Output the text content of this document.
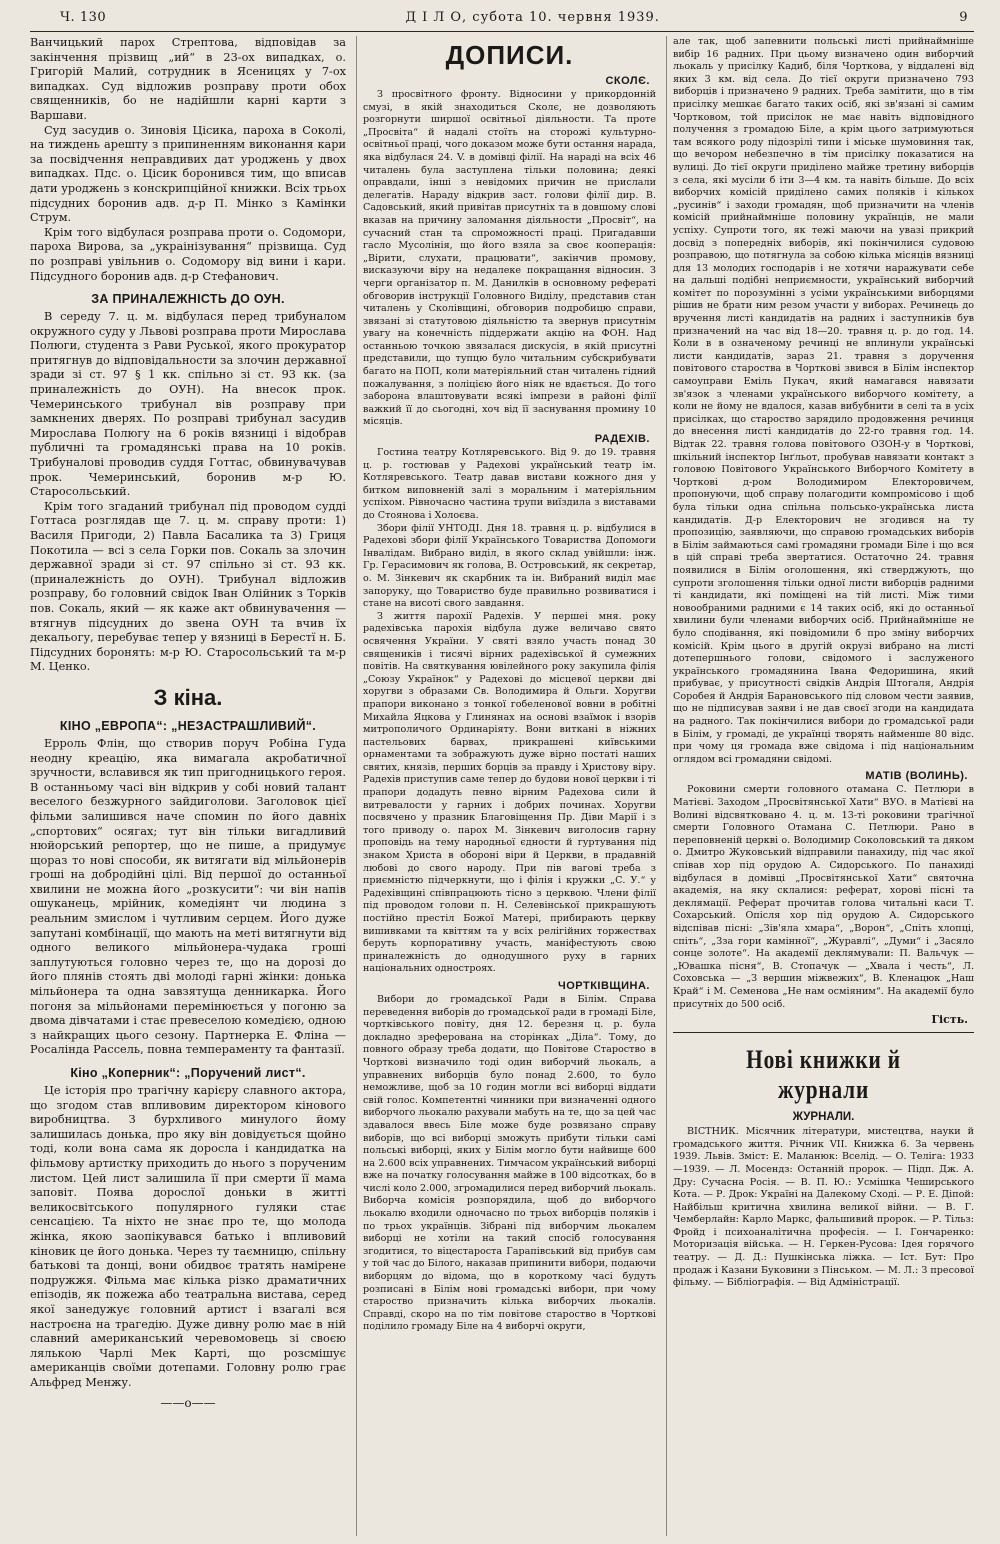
Ч. 130	Д І Л О, субота 10. червня 1939.	9

Ванчицький парох Стрептова, відповідав за закінчення прізвищ „ий“ в 23-ох випадках, о. Григорій Малий, сотрудник в Ясеницях у 7-ох випадках. Суд відложив розправу проти обох священників, бо не надійшли карні карти з Варшави.

Суд засудив о. Зиновія Цісика, пароха в Соколі, на тиждень арешту з припиненням виконання кари за посвідчення неправдивих дат уроджень у двох випадках. Пдс. о. Цісик боронився тим, що вписав дати уроджень з конскрипційної книжки. Всіх трьох підсудних боронив адв. д-р П. Мінко з Камінки Струм.

Крім того відбулася розправа проти о. Содомори, пароха Вирова, за „украінізування“ прізвища. Суд по розправі увільнив о. Содомору від вини і кари. Підсудного боронив адв. д-р Стефанович.

ЗА ПРИНАЛЕЖНІСТЬ ДО ОУН.

В середу 7. ц. м. відбулася перед трибуналом окружного суду у Львові розправа проти Мирослава Полюги, студента з Рави Руської, якого прокуратор притягнув до відповідальности за злочин державної зради зі ст. 97 § 1 кк. спільно зі ст. 93 кк. (за приналежність до ОУН). На внесок прок. Чемеринського трибунал вів розправу при замкнених дверях. По розправі трибунал засудив Мирослава Полюгу на 6 років вязниці і відобрав публичні та громадянські права на 10 років. Трибуналові проводив суддя Готтас, обвинувачував прок. Чемеринський, боронив м-р Ю. Старосольський.

Крім того згаданий трибунал під проводом судді Готтаса розглядав ще 7. ц. м. справу проти: 1) Василя Пригоди, 2) Павла Басалика та 3) Гриця Покотила — всі з села Горки пов. Сокаль за злочин державної зради зі ст. 97 спільно зі ст. 93 кк. (приналежність до ОУН). Трибунал відложив розправу, бо головний свідок Іван Олійник з Торків пов. Сокаль, який — як каже акт обвинувачення — втягнув підсудних до звена ОУН та вчив їх декальогу, перебуває тепер у вязниці в Берестї н. Б. Підсудних боронять: м-р Ю. Старосольський та м-р М. Ценко.

З кіна.
КІНО „ЕВРОПА“: „НЕЗАСТРАШЛИВИЙ“.

Ерроль Флін, що створив поруч Робіна Гуда неодну креацію, яка вимагала акробатичної зручности, вславився як тип пригодницького героя. В останньому часі він відкрив у собі новий талант веселого безжурного зайдиголови. Заголовок цієї фільми залишився наче спомин по його давніх „спортових“ осягах; тут він тільки вигадливий нюйорський репортер, що не пише, а придумує щораз то нові способи, як витягати від мільйонерів гроші на добродійні цілі. Від першої до останньої хвилини не можна його „розкусити“: чи він напів ошуканець, мрійник, комедіянт чи людина з реальним змислом і чутливим серцем. Його дуже запутані комбінації, що мають на меті витягнути від одного великого мільйонера-чудака гроші заплутуються головно через те, що на дорозі до його плянів стоять дві молоді гарні жінки: донька мільйонера та одна завзятуща денникарка. Його погоня за мільйонами перемінюється у погоню за двома дівчатами і стає превеселою комедією, одною з найкращих цього сезону. Партнерка Е. Фліна — Росалінда Рассель, повна темпераменту та фантазії.

Кіно „Коперник“: „Поручений лист“.

Це історія про трагічну карієру славного актора, що згодом став впливовим директором кінового виробництва. З бурхливого минулого йому залишилась донька, про яку він довідується щойно тоді, коли вона сама як доросла і кандидатка на фільмову артистку приходить до нього з порученим листом. Цей лист залишила її при смерти її мама заповіт. Поява дорослої доньки в житті великосвітського популярного гуляки стає сенсацією. Та ніхто не знає про те, що молода жінка, якою заопікувався батько і впливовий кіновик це його донька. Через ту таємницю, спільну батькові та донці, вони обидвоє тратять намірене подружжя. Фільма має кілька різко драматичних епізодів, як пожежа або театральна вистава, серед якої занедужує головний артист і взагалі вся настроєна на трагедію. Дуже дивну ролю має в ній славний американський черевомовець зі своєю лялькою Чарлі Мек Карті, що розсмішує американців своїми дотепами. Головну ролю грає Альфред Менжу.

——о——
ДОПИСИ.
СКОЛЄ.

З просвітного фронту. Відносини у прикордонній смузі, в якій знаходиться Сколє, не дозволяють розгорнути ширшої освітньої діяльности. Та проте „Просвіта“ й надалі стоїть на сторожі культурно-освітньої праці, чого доказом може бути остання нарада, яка відбулася 24. V. в домівці філії. На нараді на всіх 46 читалень була заступлена тільки половина; деякі оправдали, інші з невідомих причин не прислали делегатів. Нараду відкрив заст. голови філії дир. В. Садовський, який привітав присутніх та в довшому слові вказав на причину заломання діяльности „Просвіт“, на сучасний стан та спроможності праці. Пригадавши гасло Мусолінія, що його взяла за своє кооперація: „Вірити, слухати, працювати“, закінчив промову, висказуючи віру на недалеке покращання відносин. З черги організатор п. М. Данилків в основному рефераті обговорив інструкції Головного Виділу, представив стан читалень у Сколівщині, обговорив подробицю справи, звязані зі статутовою діяльністю та звернув присутнім увагу на конечність піддержати акцію на ФОН. Над останньою точкою звязалася дискусія, в якій присутні представили, що тупцю було читальним субскрибувати багато на ПОП, коли матеріяльний стан читалень гідний пожалування, з поліцією його ніяк не вдається. До того заборона влаштовувати всякі імпрези в районі філії важкий її до сьогодні, хоч від її заснування промину 10 місяців.

РАДЕХІВ.

Гостина театру Котляревського. Від 9. до 19. травня ц. р. гостював у Радехові український театр ім. Котляревського. Театр давав вистави кожного дня у битком виповненій залі з моральним і матеріяльним успіхом. Рівночасно частина трупи виїздила з виставами до Стоянова і Холоєва.

Збори філії УНТОДІ. Дня 18. травня ц. р. відбулися в Радехові збори філії Українського Товариства Допомоги Інвалідам. Вибрано виділ, в якого склад увійшли: інж. Гр. Герасимович як голова, В. Островський, як секретар, о. М. Зінкевич як скарбник та ін. Вибраний виділ має запоруку, що Товариство буде правильно розвиватися і стане на висоті свого завдання.

З життя парохії Радехів. У першеі мня. року радехівська парохія відбула дуже величаво свято освячення України. У святі взяло участь понад 30 священиків і тисячі вірних радехівської й сумежних повітів. На святкування ювілейного року закупила філія „Союзу Українок“ у Радехові до місцевої церкви дві хоругви з образами Св. Володимира й Ольги. Хоругви прапори виконано з тонкої гобеленової вовни в робітні Михайла Яцкова у Глинянах на основі взаїмок і взорів митрополичого Ординаріяту. Вони виткані в ніжних пастельових барвах, прикрашені київськими орнаментами та зображують дуже вірно постаті наших святих, князів, перших борців за правду і Христову віру. Радехів приступив саме тепер до будови нової церкви і ті прапори додадуть певно вірним Радехова сили й витревалости у гарних і добрих починах. Хоругви посвячено у празник Благовіщення Пр. Діви Марії і з того приводу о. парох М. Зінкевич виголосив гарну проповідь на тему народньої єдности й гуртування під знаком Христа в обороні віри й Церкви, в прадавній любові до свого народу. При пів вагові треба з приємністю підчеркнути, що і філія і кружки „С. У.“ у Радехівщині співпрацюють тісно з церквою. Члени філії під проводом голови п. Н. Селевінської прикрашують постійно престіл Божої Матері, прибирають церкву вишивками та квіттям та у всіх релігійних торжествах беруть корпоративну участь, маніфестують свою приналежність до однодушного руху в гарних національних одностроях.

ЧОРТКІВЩИНА.

Вибори до громадської Ради в Білім. Справа переведення виборів до громадської ради в громаді Біле, чортківського повіту, дня 12. березня ц. р. була докладно зреферована на сторінках „Діла“. Тому, до повного образу треба додати, що Повітове Староство в Чорткові визначило тоді один виборчий льокаль, а управнених виборців було понад 2.600, то було неможливе, щоб за 10 годин могли всі виборці віддати свій голос. Компетентні чинники при визначенні одного виборчого льокалю рахували мабуть на те, що за цей час здавалося ввесь Біле може буде розвязано справу виборів, що всі виборці зможуть прибути тільки самі польські виборці, яких у Білім могло бути найвище 600 на 2.600 всіх управнених. Тимчасом український виборці вже на початку голосування майже в 100 відсотках, бо в числі коло 2.000, згромадилися перед виборчий льокаль. Виборча комісія розпорядила, щоб до виборчого льокалю входили одночасно по трьох виборців поляків і по трьох українців. Зібрані під виборчим льокалем виборці не хотіли на такий спосіб голосування згодитися, то віцестароста Гарапівський від прибув сам у той час до Білого, наказав припинити вибори, подаючи виборцям до відома, що в короткому часі будуть розписані в Білім нові громадські вибори, при чому староство призначить кілька виборчих льокалів. Справді, скоро на по тім повітове староство в Чорткові поділило громаду Біле на 4 виборчі округи,

але так, щоб запевнити польські листі прийнаймніше вибір 16 радних. При цьому визначено один виборчий льокаль у присілку Кадиб, біля Чорткова, у віддалені від яких 3 км. від села. До тієї округи призначено 793 виборців і призначено 9 радних. Треба замітити, що в тім присілку мешкає багато таких осіб, які зв'язані зі самим Чортковом, той присілок не має навіть відповідного получення з громадою Біле, а крім цього затримуються там всякого роду підозрілі типи і міське шумовиння так, що вечором небезпечно в тім присілку показатися на вулиці. До тієї округи приділено майже третину виборців з села, які мусіли б іти 3—4 км. та навіть більше. До всіх виборчих комісій приділено самих поляків і кількох „русинів“ і заходи громадян, щоб призначити на членів комісій прийнаймніше половину українців, не мали успіху. Супроти того, як тежі маючи на увазі прикрий досвід з попередніх виборів, які покінчилися судовою розправою, що потягнула за собою кілька місяців вязниці для 13 молодих господарів і не хотячи наражувати себе на дальші подібні неприємности, український виборчий комітет по порозумінні з усіми українськими виборцями рішив не брати ним резом участи у виборах. Речинець до вручення листі кандидатів на радних і заступників був призначений на час від 18—20. травня ц. р. до год. 14. Коли в в означеному речинці не вплинули українські листи кандидатів, зараз 21. травня з доручення повітового староства в Чорткові звився в Білім інспектор самоуправи Еміль Пукач, який намагався навязати зв'язок з членами українського виборчого комітету, а коли не йому не вдалося, казав вибубнити в селі та в усіх присілках, що староство зарядило продовження речинця до внесення листі кандидатів до 22-го травня год. 14. Відтак 22. травня голова повітового ОЗОН-у в Чорткові, шкільний інспектор Інґльот, пробував навязати контакт з головою Повітового Українського Виборчого Комітету в Чорткові д-ром Володимиром Електоровичем, пропонуючи, щоб справу полагодити компромісово і щоб була тільки одна спільна польсько-українська листа кандидатів. Д-р Електорович не згодився на ту пропозицію, заявляючи, що справою громадських виборів в Білім займаються самі громадяни громади Біле і що вся в цій справі треба звертатися. Остаточно 24. травня появилися в Білім оголошення, які стверджують, що супроти зголошення тільки одної листи виборців радними ті кандидати, які поміщені на тій листі. Між тими новообраними радними є 14 таких осіб, які до останньої хвилини були членами виборчих осіб. Прийнаймніше не було сподівання, які повідомили б про зміну виборчих комісій. Крім цього в другій окрузі вибрано на листі дотепершнього голови, свідомого і заслуженого українського громадянина Івана Федоришина, який прибуває, у присутності свідків Андрія Штогаля, Андрія Соробея й Андрія Барановського під словом чести заявив, що не підписував заяви і не дав своєї згоди на кандидата на радного. Так покінчилися вибори до громадської ради в Білім, у громаді, де українці творять найменше 80 відс. при чому ця громада вже свідома і під національним оглядом всі громадяни свідомі.

МАТІВ (ВОЛИНЬ).

Роковини смерти головного отамана С. Петлюри в Матієві. Заходом „Просвітянської Хати“ ВУО. в Матієві на Волині відсвятковано 4. ц. м. 13-ті роковини трагічної смерти Головного Отамана С. Петлюри. Рано в переповненій церкві о. Володимир Соколовський та дяком о. Дмитро Жуковський відправили панахиду, під час якої співав хор під орудою А. Сидорського. По панахиді відбулася в домівці „Просвітянської Хати“ святочна академія, на яку склалися: реферат, хорові пісні та деклямації. Реферат прочитав голова читальні каси Т. Сохарський. Опісля хор під орудою А. Сидорського відспівав пісні: „Зів'яла хмара“, „Ворон“, „Спіть хлопці, спіть“, „Зза гори камінної“, „Журавлі“, „Думи“ і „Засяло сонце золоте“. На академії деклямували: П. Вальчук — „Ювашка пісня“, В. Стопачук — „Хвала і честь“, Л. Соховська — „З вершин міжвежих“, В. Кленацюк „Наш Край“ і М. Семенова „Не нам осміяним“. На академії було присутніх до 500 осіб.

Гість.
Нові книжки й журнали
ЖУРНАЛИ.

ВІСТНИК. Місячник літератури, мистецтва, науки й громадського життя. Річник VII. Книжка 6. За червень 1939. Львів. Зміст: Е. Маланюк: Вселід. — О. Теліга: 1933—1939. — Л. Мосендз: Останній пророк. — Підп. Дж. А. Дру: Сучасна Росія. — В. П. Ю.: Усмішка Чеширського Кота. — Р. Дрок: Україні на Далекому Сході. — Р. Е. Діпой: Найбільш критична хвилина великої війни. — В. Г. Чемберлайн: Карло Маркс, фальшивий пророк. — Р. Тільз: Фройд і психоаналітична професія. — І. Гончаренко: Моторизація війська. — Н. Геркен-Русова: Ідея горячого театру. — Д. Д.: Пушкінська ліжка. — Іст. Бут: Про продаж і Казани Буковини з Пінськом. — М. Л.: З пресової фільму. — Бібліографія. — Від Адміністрації.
